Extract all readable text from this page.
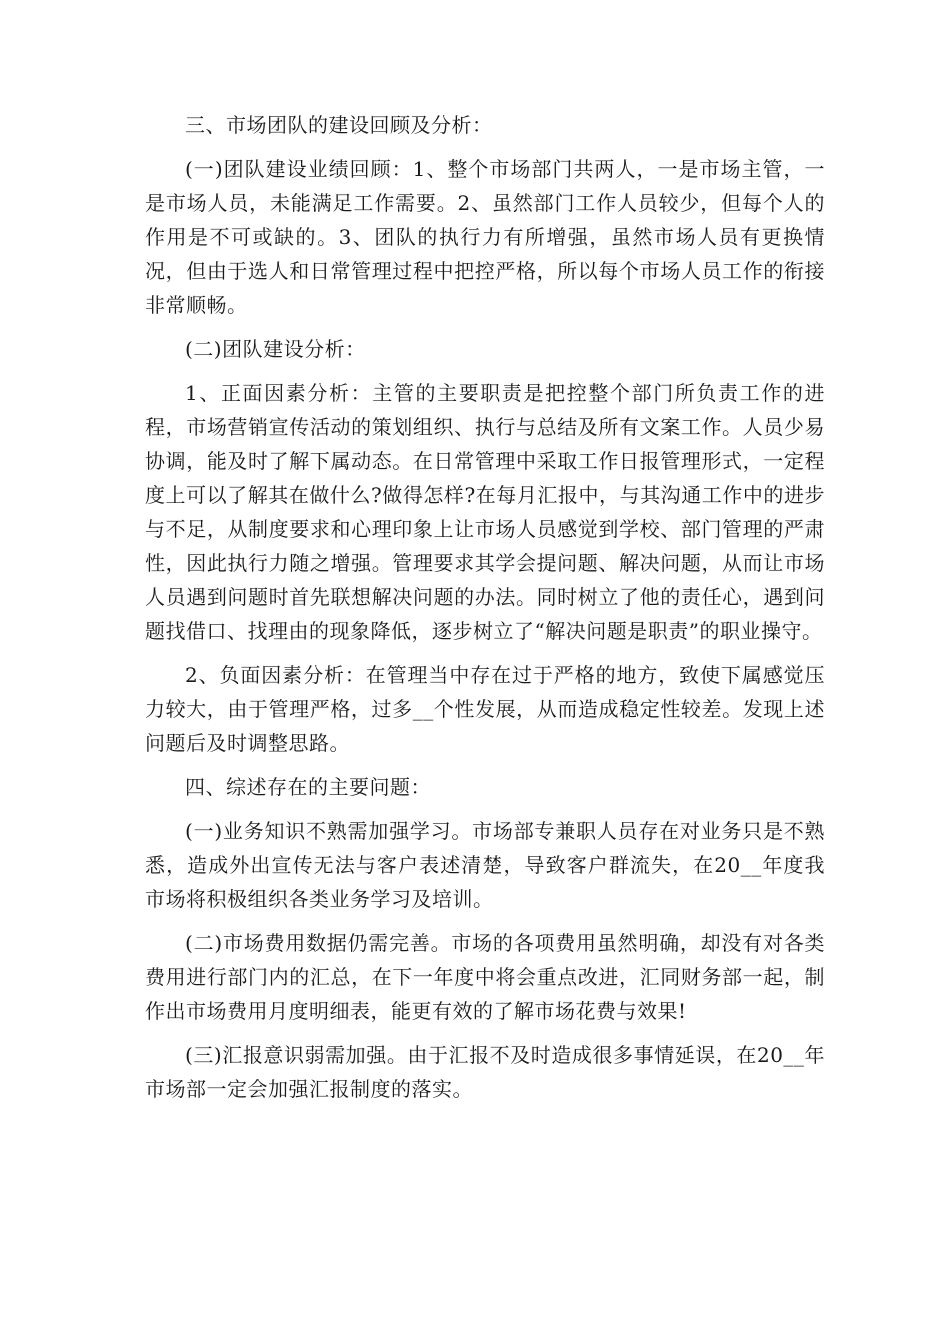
三、市场团队的建设回顾及分析：

(一)团队建设业绩回顾：1、整个市场部门共两人，一是市场主管，一是市场人员，未能满足工作需要。2、虽然部门工作人员较少，但每个人的作用是不可或缺的。3、团队的执行力有所增强，虽然市场人员有更换情况，但由于选人和日常管理过程中把控严格，所以每个市场人员工作的衔接非常顺畅。

(二)团队建设分析：

1、正面因素分析：主管的主要职责是把控整个部门所负责工作的进程，市场营销宣传活动的策划组织、执行与总结及所有文案工作。人员少易协调，能及时了解下属动态。在日常管理中采取工作日报管理形式，一定程度上可以了解其在做什么?做得怎样?在每月汇报中，与其沟通工作中的进步与不足，从制度要求和心理印象上让市场人员感觉到学校、部门管理的严肃性，因此执行力随之增强。管理要求其学会提问题、解决问题，从而让市场人员遇到问题时首先联想解决问题的办法。同时树立了他的责任心，遇到问题找借口、找理由的现象降低，逐步树立了“解决问题是职责”的职业操守。

2、负面因素分析：在管理当中存在过于严格的地方，致使下属感觉压力较大，由于管理严格，过多__个性发展，从而造成稳定性较差。发现上述问题后及时调整思路。

四、综述存在的主要问题：

(一)业务知识不熟需加强学习。市场部专兼职人员存在对业务只是不熟悉，造成外出宣传无法与客户表述清楚，导致客户群流失，在20__年度我市场将积极组织各类业务学习及培训。

(二)市场费用数据仍需完善。市场的各项费用虽然明确，却没有对各类费用进行部门内的汇总，在下一年度中将会重点改进，汇同财务部一起，制作出市场费用月度明细表，能更有效的了解市场花费与效果!

(三)汇报意识弱需加强。由于汇报不及时造成很多事情延误，在20__年市场部一定会加强汇报制度的落实。
